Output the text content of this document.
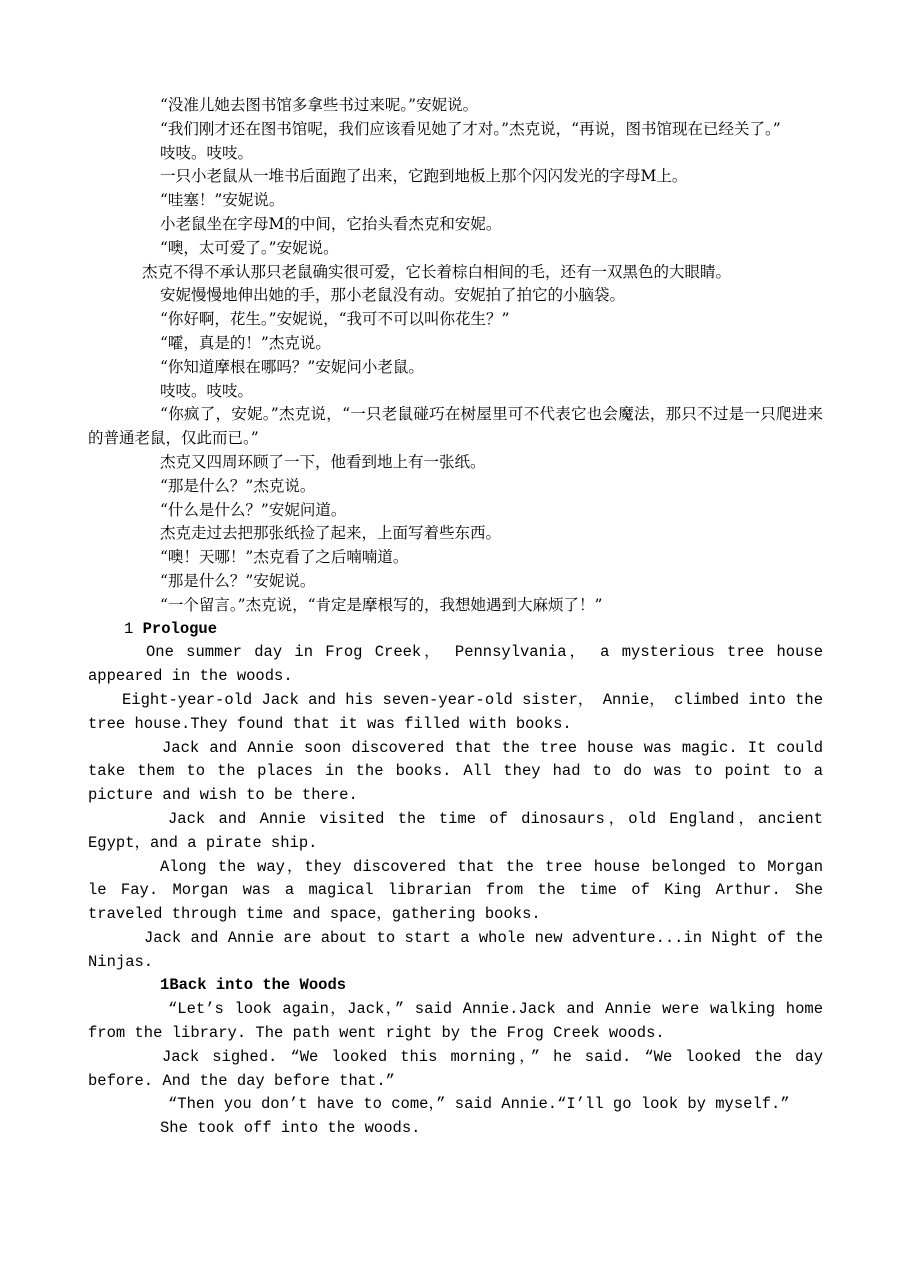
“没准儿她去图书馆多拿些书过来呢。”安妮说。

“我们刚才还在图书馆呢，我们应该看见她了才对。”杰克说，“再说，图书馆现在已经关了。”

吱吱。吱吱。

一只小老鼠从一堆书后面跑了出来，它跑到地板上那个闪闪发光的字母M上。

“哇塞！”安妮说。

小老鼠坐在字母M的中间，它抬头看杰克和安妮。

“噢，太可爱了。”安妮说。

杰克不得不承认那只老鼠确实很可爱，它长着棕白相间的毛，还有一双黑色的大眼睛。

安妮慢慢地伸出她的手，那小老鼠没有动。安妮拍了拍它的小脑袋。

“你好啊，花生。”安妮说，“我可不可以叫你花生？”

“嚯，真是的！”杰克说。

“你知道摩根在哪吗？”安妮问小老鼠。

吱吱。吱吱。

“你疯了，安妮。”杰克说，“一只老鼠碰巧在树屋里可不代表它也会魔法，那只不过是一只爬进来的普通老鼠，仅此而已。”

杰克又四周环顾了一下，他看到地上有一张纸。

“那是什么？”杰克说。

“什么是什么？”安妮问道。

杰克走过去把那张纸捡了起来，上面写着些东西。

“噢！天哪！”杰克看了之后喃喃道。

“那是什么？”安妮说。

“一个留言。”杰克说，“肯定是摩根写的，我想她遇到大麻烦了！”

1 Prologue

One summer day in Frog Creek， Pennsylvania， a mysterious tree house appeared in the woods.

Eight-year-old Jack and his seven-year-old sister， Annie， climbed into the tree house.They found that it was filled with books.

Jack and Annie soon discovered that the tree house was magic. It could take them to the places in the books. All they had to do was to point to a picture and wish to be there.

Jack and Annie visited the time of dinosaurs，old England，ancient Egypt，and a pirate ship.

Along the way，they discovered that the tree house belonged to Morgan le Fay. Morgan was a magical librarian from the time of King Arthur. She traveled through time and space，gathering books.

Jack and Annie are about to start a whole new adventure...in Night of the Ninjas.

1Back into the Woods

“Let’s look again，Jack，” said Annie.Jack and Annie were walking home from the library. The path went right by the Frog Creek woods.

Jack sighed. “We looked this morning，” he said. “We looked the day before. And the day before that.”

“Then you don’t have to come，” said Annie.“I’ll go look by myself.”

She took off into the woods.
